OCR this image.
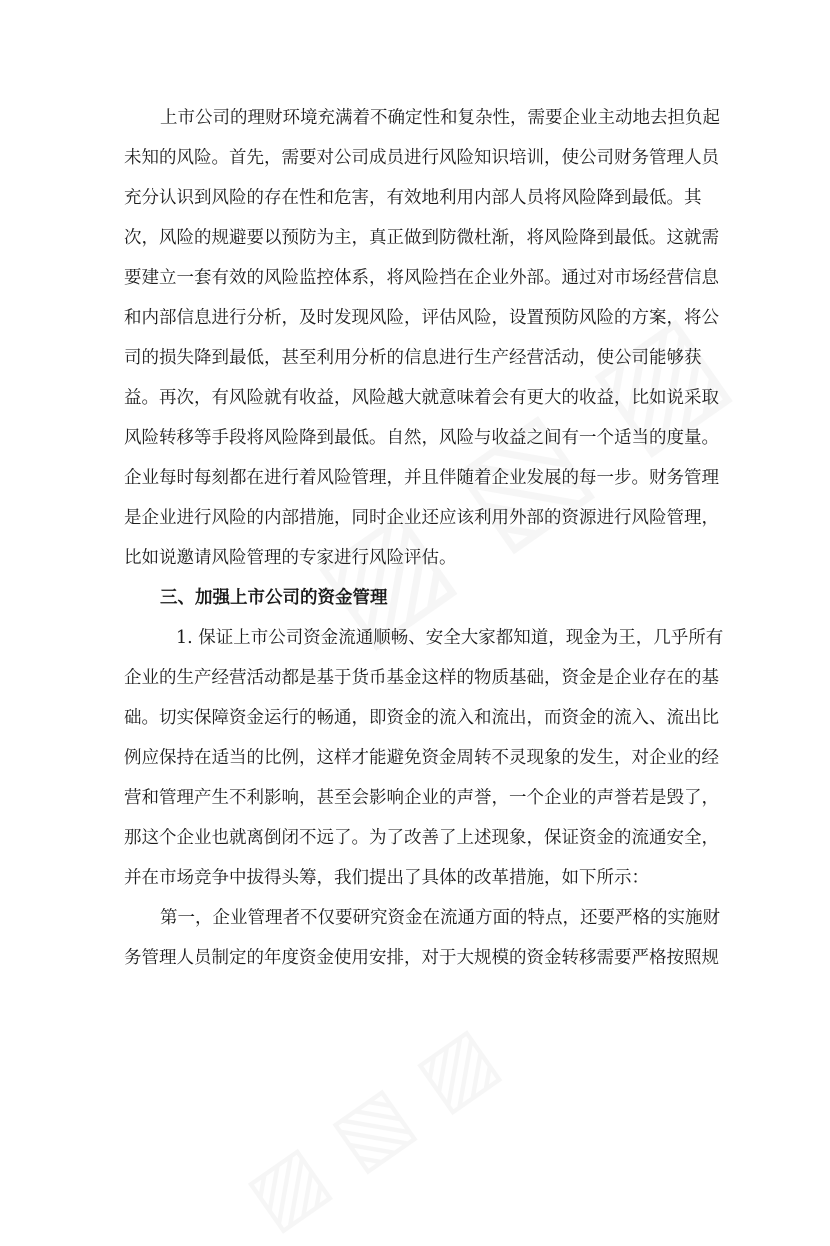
上市公司的理财环境充满着不确定性和复杂性，需要企业主动地去担负起
未知的风险。首先，需要对公司成员进行风险知识培训，使公司财务管理人员
充分认识到风险的存在性和危害，有效地利用内部人员将风险降到最低。其
次，风险的规避要以预防为主，真正做到防微杜渐，将风险降到最低。这就需
要建立一套有效的风险监控体系，将风险挡在企业外部。通过对市场经营信息
和内部信息进行分析，及时发现风险，评估风险，设置预防风险的方案，将公
司的损失降到最低，甚至利用分析的信息进行生产经营活动，使公司能够获
益。再次，有风险就有收益，风险越大就意味着会有更大的收益，比如说采取
风险转移等手段将风险降到最低。自然，风险与收益之间有一个适当的度量。
企业每时每刻都在进行着风险管理，并且伴随着企业发展的每一步。财务管理
是企业进行风险的内部措施，同时企业还应该利用外部的资源进行风险管理，
比如说邀请风险管理的专家进行风险评估。
三、加强上市公司的资金管理
1. 保证上市公司资金流通顺畅、安全大家都知道，现金为王，几乎所有
企业的生产经营活动都是基于货币基金这样的物质基础，资金是企业存在的基
础。切实保障资金运行的畅通，即资金的流入和流出，而资金的流入、流出比
例应保持在适当的比例，这样才能避免资金周转不灵现象的发生，对企业的经
营和管理产生不利影响，甚至会影响企业的声誉，一个企业的声誉若是毁了，
那这个企业也就离倒闭不远了。为了改善了上述现象，保证资金的流通安全，
并在市场竞争中拔得头筹，我们提出了具体的改革措施，如下所示：
第一，企业管理者不仅要研究资金在流通方面的特点，还要严格的实施财
务管理人员制定的年度资金使用安排，对于大规模的资金转移需要严格按照规
